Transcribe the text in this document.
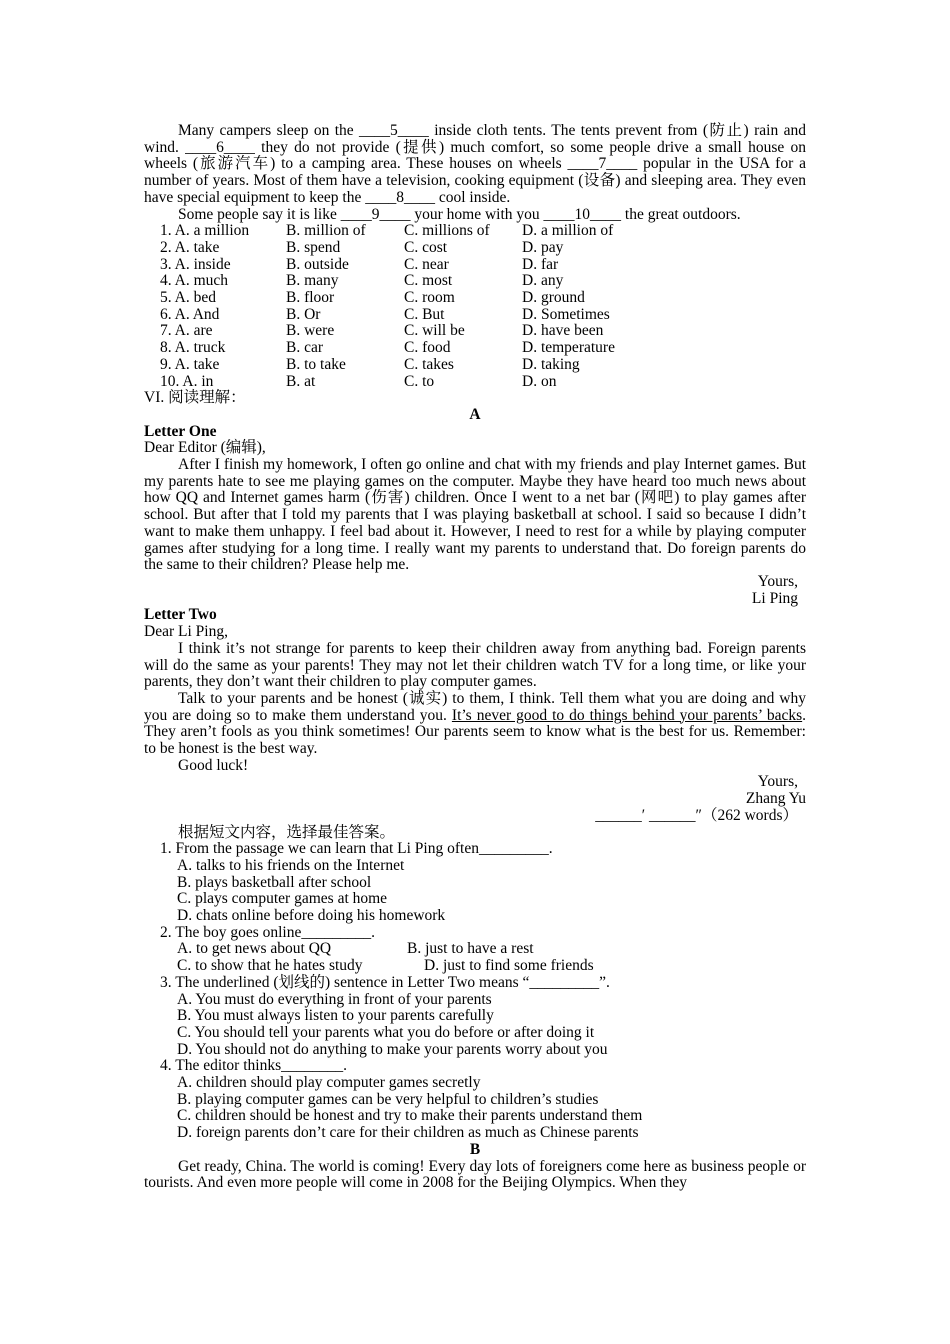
Many campers sleep on the ____5____ inside cloth tents. The tents prevent from (防止) rain and wind. ____6____ they do not provide (提供) much comfort, so some people drive a small house on wheels (旅游汽车) to a camping area. These houses on wheels ____7____ popular in the USA for a number of years. Most of them have a television, cooking equipment (设备) and sleeping area. They even have special equipment to keep the ____8____ cool inside.

Some people say it is like ____9____ your home with you ____10____ the great outdoors.

1. A. a million	B. million of	C. millions of	D. a million of
2. A. take	B. spend	C. cost	D. pay
3. A. inside	B. outside	C. near	D. far
4. A. much	B. many	C. most	D. any
5. A. bed	B. floor	C. room	D. ground
6. A. And	B. Or	C. But	D. Sometimes
7. A. are	B. were	C. will be	D. have been
8. A. truck	B. car	C. food	D. temperature
9. A. take	B. to take	C. takes	D. taking
10. A. in	B. at	C. to	D. on

VI. 阅读理解：

A

Letter One

Dear Editor (编辑),

After I finish my homework, I often go online and chat with my friends and play Internet games. But my parents hate to see me playing games on the computer. Maybe they have heard too much news about how QQ and Internet games harm (伤害) children. Once I went to a net bar (网吧) to play games after school. But after that I told my parents that I was playing basketball at school. I said so because I didn’t want to make them unhappy. I feel bad about it. However, I need to rest for a while by playing computer games after studying for a long time. I really want my parents to understand that. Do foreign parents do the same to their children? Please help me.

Yours,

Li Ping

Letter Two

Dear Li Ping,

I think it’s not strange for parents to keep their children away from anything bad. Foreign parents will do the same as your parents! They may not let their children watch TV for a long time, or like your parents, they don’t want their children to play computer games.

Talk to your parents and be honest (诚实) to them, I think. Tell them what you are doing and why you are doing so to make them understand you. It’s never good to do things behind your parents’ backs. They aren’t fools as you think sometimes! Our parents seem to know what is the best for us. Remember: to be honest is the best way.

Good luck!

Yours,

Zhang Yu

______′ ______″（262 words）

根据短文内容，选择最佳答案。

1. From the passage we can learn that Li Ping often_________.

A. talks to his friends on the Internet

B. plays basketball after school

C. plays computer games at home

D. chats online before doing his homework

2. The boy goes online_________.

A. to get news about QQ	B. just to have a rest
C. to show that he hates study	D. just to find some friends

3. The underlined (划线的) sentence in Letter Two means “_________”.

A. You must do everything in front of your parents

B. You must always listen to your parents carefully

C. You should tell your parents what you do before or after doing it

D. You should not do anything to make your parents worry about you

4. The editor thinks________.

A. children should play computer games secretly

B. playing computer games can be very helpful to children’s studies

C. children should be honest and try to make their parents understand them

D. foreign parents don’t care for their children as much as Chinese parents

B

Get ready, China. The world is coming! Every day lots of foreigners come here as business people or tourists. And even more people will come in 2008 for the Beijing Olympics. When they
